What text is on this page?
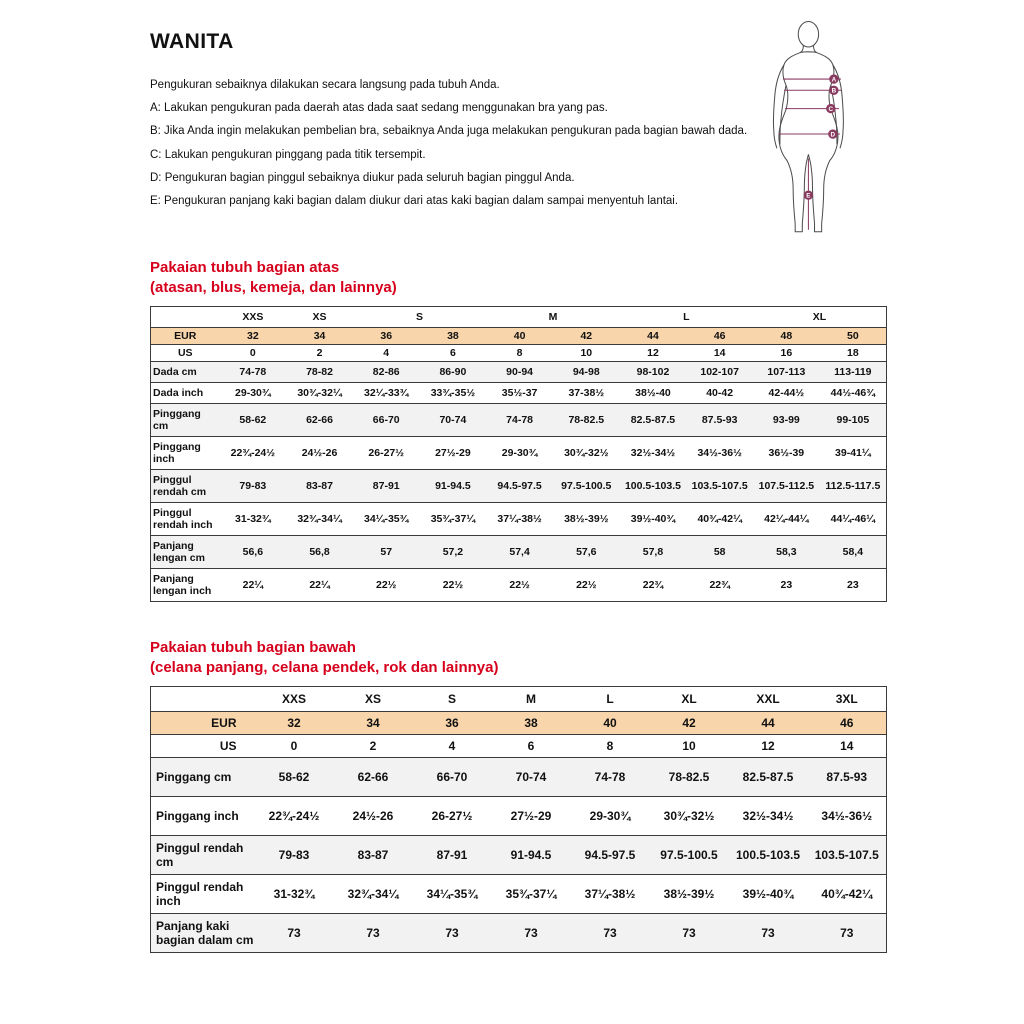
WANITA

Pengukuran sebaiknya dilakukan secara langsung pada tubuh Anda.

A: Lakukan pengukuran pada daerah atas dada saat sedang menggunakan bra yang pas.

B: Jika Anda ingin melakukan pembelian bra, sebaiknya Anda juga melakukan pengukuran pada bagian bawah dada.

C: Lakukan pengukuran pinggang pada titik tersempit.

D: Pengukuran bagian pinggul sebaiknya diukur pada seluruh bagian pinggul Anda.

E: Pengukuran panjang kaki bagian dalam diukur dari atas kaki bagian dalam sampai menyentuh lantai.

A
B
C
D
E
Pakaian tubuh bagian atas
(atasan, blus, kemeja, dan lainnya)
	XXS	XS	S		M		L		XL	
EUR	32	34	36	38	40	42	44	46	48	50
US	0	2	4	6	8	10	12	14	16	18
Dada cm	74-78	78-82	82-86	86-90	90-94	94-98	98-102	102-107	107-113	113-119
Dada inch	29-30¾	30¾-32¼	32¼-33¾	33¾-35½	35½-37	37-38½	38½-40	40-42	42-44½	44½-46¾
Pinggang cm	58-62	62-66	66-70	70-74	74-78	78-82.5	82.5-87.5	87.5-93	93-99	99-105
Pinggang inch	22¾-24½	24½-26	26-27½	27½-29	29-30¾	30¾-32½	32½-34½	34½-36½	36½-39	39-41¼
Pinggul rendah cm	79-83	83-87	87-91	91-94.5	94.5-97.5	97.5-100.5	100.5-103.5	103.5-107.5	107.5-112.5	112.5-117.5
Pinggul rendah inch	31-32¾	32¾-34¼	34¼-35¾	35¾-37¼	37¼-38½	38½-39½	39½-40¾	40¾-42¼	42¼-44¼	44¼-46¼
Panjang lengan cm	56,6	56,8	57	57,2	57,4	57,6	57,8	58	58,3	58,4
Panjang lengan inch	22¼	22¼	22½	22½	22½	22½	22¾	22¾	23	23
Pakaian tubuh bagian bawah
(celana panjang, celana pendek, rok dan lainnya)
	XXS	XS	S	M	L	XL	XXL	3XL
EUR	32	34	36	38	40	42	44	46
US	0	2	4	6	8	10	12	14
Pinggang cm	58-62	62-66	66-70	70-74	74-78	78-82.5	82.5-87.5	87.5-93
Pinggang inch	22¾-24½	24½-26	26-27½	27½-29	29-30¾	30¾-32½	32½-34½	34½-36½
Pinggul rendah cm	79-83	83-87	87-91	91-94.5	94.5-97.5	97.5-100.5	100.5-103.5	103.5-107.5
Pinggul rendah inch	31-32¾	32¾-34¼	34¼-35¾	35¾-37¼	37¼-38½	38½-39½	39½-40¾	40¾-42¼
Panjang kaki bagian dalam cm	73	73	73	73	73	73	73	73
